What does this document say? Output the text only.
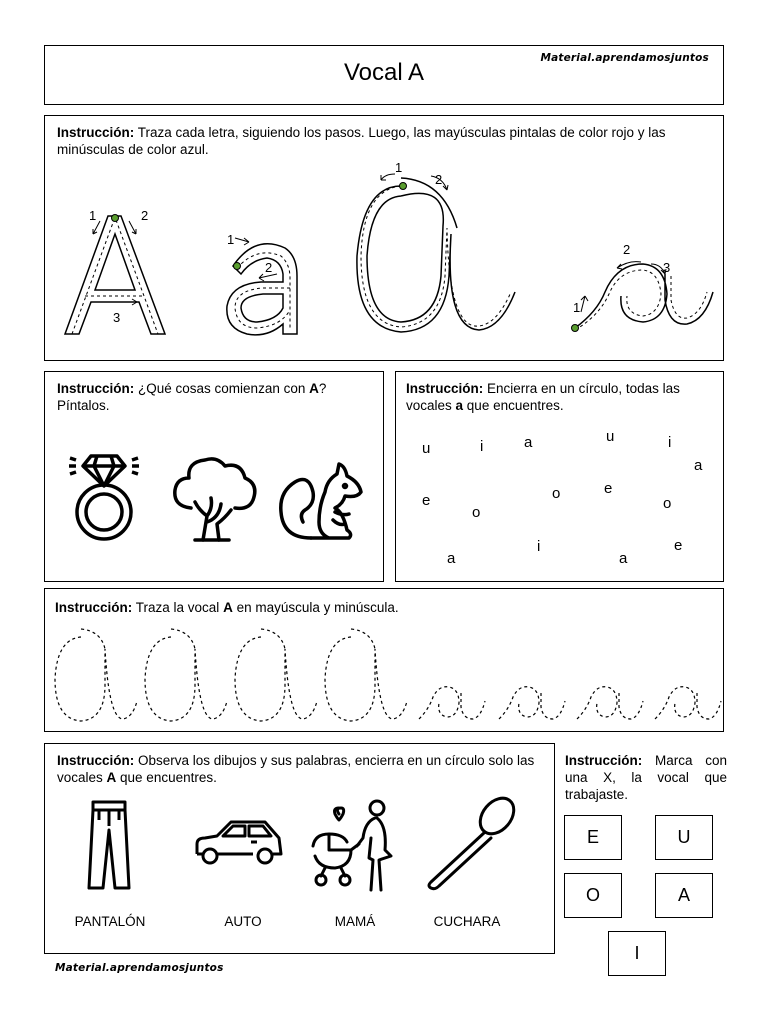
Vocal A
Material.aprendamosjuntos
Instrucción: Traza cada letra, siguiendo los pasos. Luego, las mayúsculas pintalas de color rojo y las minúsculas de color azul.
1	2
3
1
2
1
2
1
2
3
Instrucción: ¿Qué cosas comienzan con A? Píntalos.
Instrucción: Encierra en un círculo, todas las vocales a que encuentres.
u	i	a	u	i
a
e
o
e
o
o
e
a
i
a
Instrucción: Traza la vocal A en mayúscula y minúscula.
Instrucción: Observa los dibujos y sus palabras, encierra en un círculo solo las vocales A que encuentres.
PANTALÓN	AUTO	MAMÁ	CUCHARA
Instrucción: Marca con una X, la vocal que trabajaste.
E	U
O	A
I
Material.aprendamosjuntos
